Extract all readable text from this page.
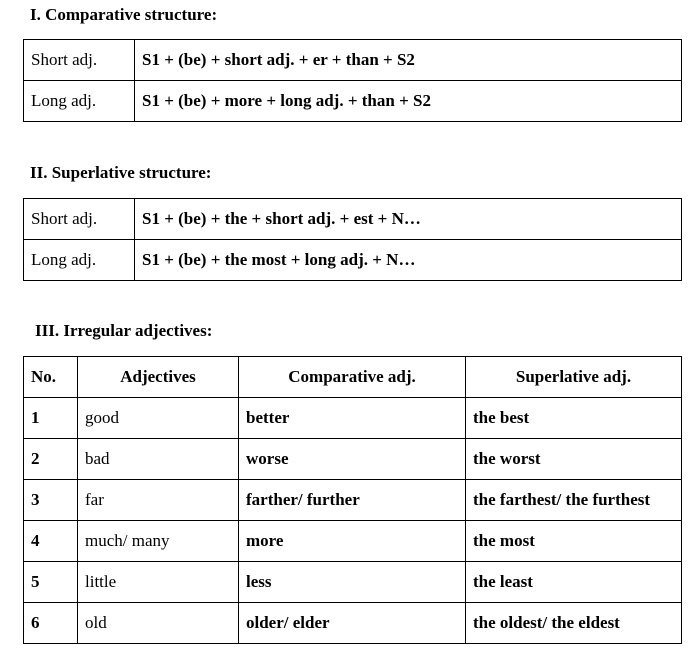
I. Comparative structure:
Short adj.	S1 + (be) + short adj. + er + than + S2
Long adj.	S1 + (be) + more + long adj. + than + S2
II. Superlative structure:
Short adj.	S1 + (be) + the + short adj. + est + N…
Long adj.	S1 + (be) + the most + long adj. + N…
III. Irregular adjectives:
No.	Adjectives	Comparative adj.	Superlative adj.
1	good	better	the best
2	bad	worse	the worst
3	far	farther/ further	the farthest/ the furthest
4	much/ many	more	the most
5	little	less	the least
6	old	older/ elder	the oldest/ the eldest
